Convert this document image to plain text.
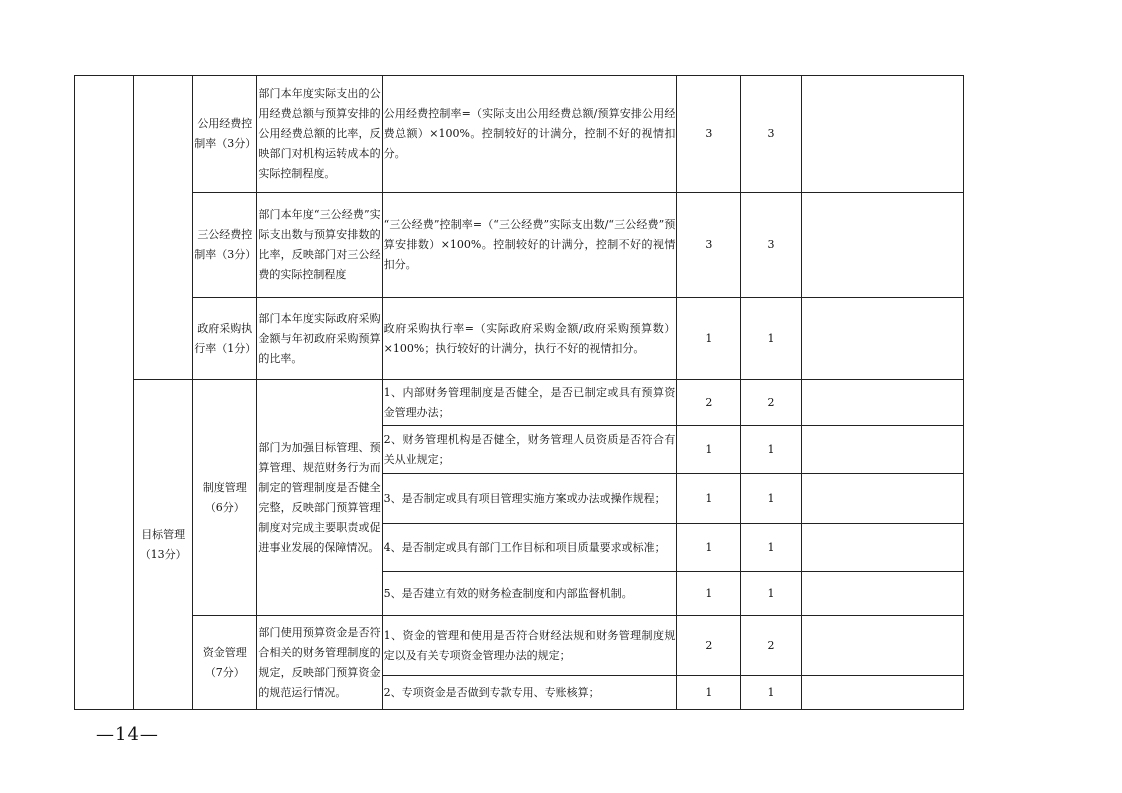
		公用经费控制率（3分）	部门本年度实际支出的公用经费总额与预算安排的公用经费总额的比率，反映部门对机构运转成本的实际控制程度。	公用经费控制率=（实际支出公用经费总额/预算安排公用经费总额）×100%。控制较好的计满分，控制不好的视情扣分。	3	3	
		三公经费控制率（3分）	部门本年度“三公经费”实际支出数与预算安排数的比率，反映部门对三公经费的实际控制程度	“三公经费”控制率=（“三公经费”实际支出数/“三公经费”预算安排数）×100%。控制较好的计满分，控制不好的视情扣分。	3	3	
		政府采购执行率（1分）	部门本年度实际政府采购金额与年初政府采购预算的比率。	政府采购执行率=（实际政府采购金额/政府采购预算数）×100%；执行较好的计满分，执行不好的视情扣分。	1	1	
	目标管理（13分）	制度管理（6分）	部门为加强目标管理、预算管理、规范财务行为而制定的管理制度是否健全完整，反映部门预算管理制度对完成主要职责或促进事业发展的保障情况。	1、内部财务管理制度是否健全，是否已制定或具有预算资金管理办法；	2	2	
				2、财务管理机构是否健全，财务管理人员资质是否符合有关从业规定；	1	1	
				3、是否制定或具有项目管理实施方案或办法或操作规程；	1	1	
				4、是否制定或具有部门工作目标和项目质量要求或标准；	1	1	
				5、是否建立有效的财务检查制度和内部监督机制。	1	1	
		资金管理（7分）	部门使用预算资金是否符合相关的财务管理制度的规定，反映部门预算资金的规范运行情况。	1、资金的管理和使用是否符合财经法规和财务管理制度规定以及有关专项资金管理办法的规定；	2	2	
				2、专项资金是否做到专款专用、专账核算；	1	1	
—14—
